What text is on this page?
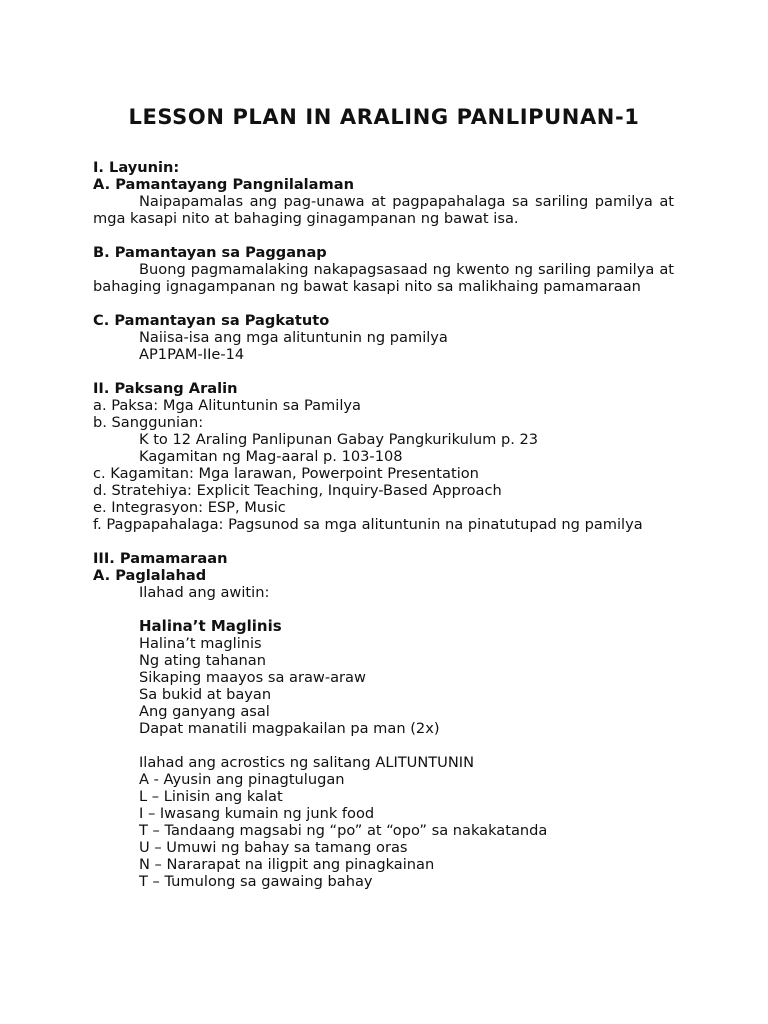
LESSON PLAN IN ARALING PANLIPUNAN-1
I. Layunin:
A. Pamantayang Pangnilalaman
Naipapamalas ang pag-unawa at pagpapahalaga sa sariling pamilya at mga kasapi nito at bahaging ginagampanan ng bawat isa.
B. Pamantayan sa Pagganap
Buong pagmamalaking nakapagsasaad ng kwento ng sariling pamilya at bahaging ignagampanan ng bawat kasapi nito sa malikhaing pamamaraan
C. Pamantayan sa Pagkatuto
Naiisa-isa ang mga alituntunin ng pamilya
AP1PAM-IIe-14
II. Paksang Aralin
a. Paksa: Mga Alituntunin sa Pamilya
b. Sanggunian:
K to 12 Araling Panlipunan Gabay Pangkurikulum p. 23
Kagamitan ng Mag-aaral p. 103-108
c. Kagamitan: Mga larawan, Powerpoint Presentation
d. Stratehiya: Explicit Teaching, Inquiry-Based Approach
e. Integrasyon: ESP, Music
f. Pagpapahalaga: Pagsunod sa mga alituntunin na pinatutupad ng pamilya
III. Pamamaraan
A. Paglalahad
Ilahad ang awitin:
Halina’t Maglinis
Halina’t maglinis
Ng ating tahanan
Sikaping maayos sa araw-araw
Sa bukid at bayan
Ang ganyang asal
Dapat manatili magpakailan pa man (2x)
Ilahad ang acrostics ng salitang ALITUNTUNIN
A - Ayusin ang pinagtulugan
L – Linisin ang kalat
I – Iwasang kumain ng junk food
T – Tandaang magsabi ng “po” at “opo” sa nakakatanda
U – Umuwi ng bahay sa tamang oras
N – Nararapat na iligpit ang pinagkainan
T – Tumulong sa gawaing bahay
